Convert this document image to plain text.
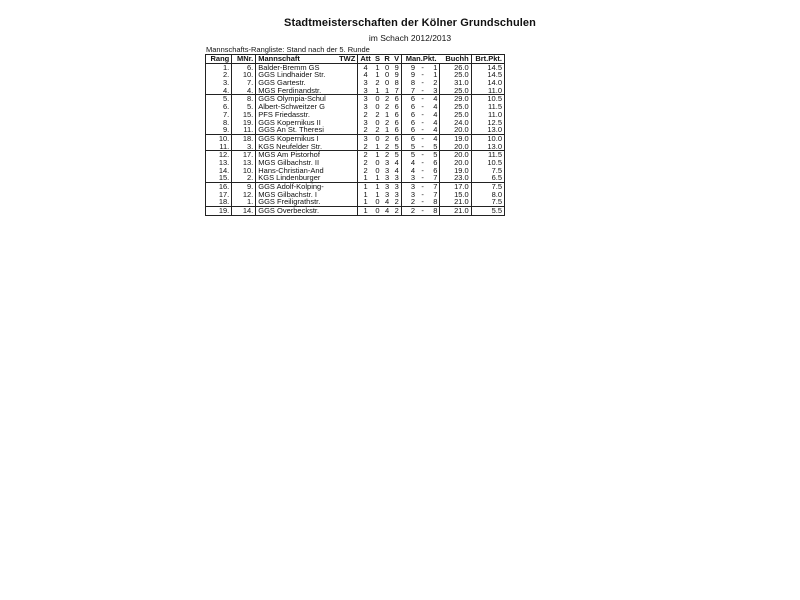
Stadtmeisterschaften der Kölner Grundschulen
im Schach 2012/2013
Mannschafts-Rangliste: Stand nach der 5. Runde
Rang	MNr.	Mannschaft	TWZ	Att	S	R	V	Man.Pkt.			Buchh	Brt.Pkt.
1.	6.	Balder-Bremm GS		4	1	0	9	9	-	1	26.0	14.5
2.	10.	GGS Lindhaider Str.		4	1	0	9	9	-	1	25.0	14.5
3.	7.	GGS Gartestr.		3	2	0	8	8	-	2	31.0	14.0
4.	4.	MGS Ferdinandstr.		3	1	1	7	7	-	3	25.0	11.0
5.	8.	GGS Olympia-Schul		3	0	2	6	6	-	4	29.0	10.5
6.	5.	Albert-Schweitzer G		3	0	2	6	6	-	4	25.0	11.5
7.	15.	PFS Friedasstr.		2	2	1	6	6	-	4	25.0	11.0
8.	19.	GGS Kopernikus II		3	0	2	6	6	-	4	24.0	12.5
9.	11.	GGS An St. Theresi		2	2	1	6	6	-	4	20.0	13.0
10.	18.	GGS Kopernikus I		3	0	2	6	6	-	4	19.0	10.0
11.	3.	KGS Neufelder Str.		2	1	2	5	5	-	5	20.0	13.0
12.	17.	MGS Am Pistorhof		2	1	2	5	5	-	5	20.0	11.5
13.	13.	MGS Gilbachstr. II		2	0	3	4	4	-	6	20.0	10.5
14.	10.	Hans-Christian-And		2	0	3	4	4	-	6	19.0	7.5
15.	2.	KGS Lindenburger		1	1	3	3	3	-	7	23.0	6.5
16.	9.	GGS Adolf-Kolping-		1	1	3	3	3	-	7	17.0	7.5
17.	12.	MGS Gilbachstr. I		1	1	3	3	3	-	7	15.0	8.0
18.	1.	GGS Freiligrathstr.		1	0	4	2	2	-	8	21.0	7.5
19.	14.	GGS Overbeckstr.		1	0	4	2	2	-	8	21.0	5.5
